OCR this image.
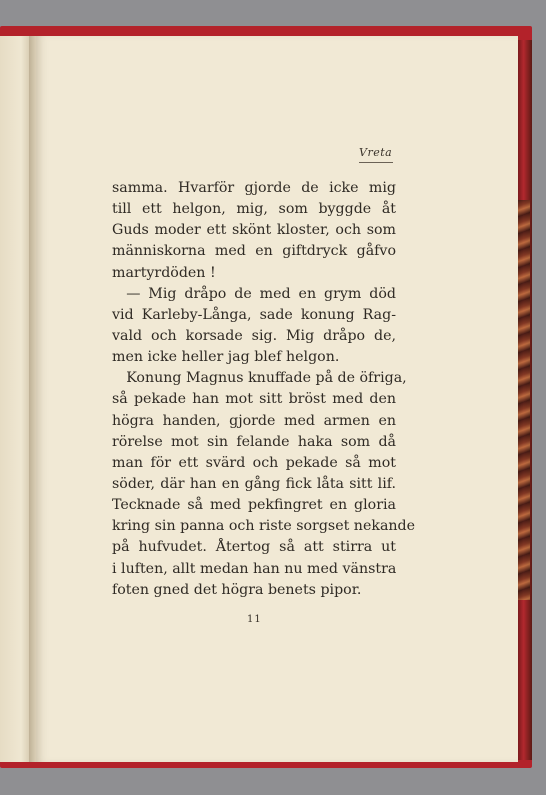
Vreta
samma. Hvarför gjorde de icke mig
till ett helgon, mig, som byggde åt
Guds moder ett skönt kloster, och som
människorna med en giftdryck gåfvo
martyrdöden !
 — Mig dråpo de med en grym död
vid Karleby-Långa, sade konung Rag-
vald och korsade sig. Mig dråpo de,
men icke heller jag blef helgon.
 Konung Magnus knuffade på de öfriga,
så pekade han mot sitt bröst med den
högra handen, gjorde med armen en
rörelse mot sin felande haka som då
man för ett svärd och pekade så mot
söder, där han en gång fick låta sitt lif.
Tecknade så med pekfingret en gloria
kring sin panna och riste sorgset nekande
på hufvudet. Återtog så att stirra ut
i luften, allt medan han nu med vänstra
foten gned det högra benets pipor.
11
